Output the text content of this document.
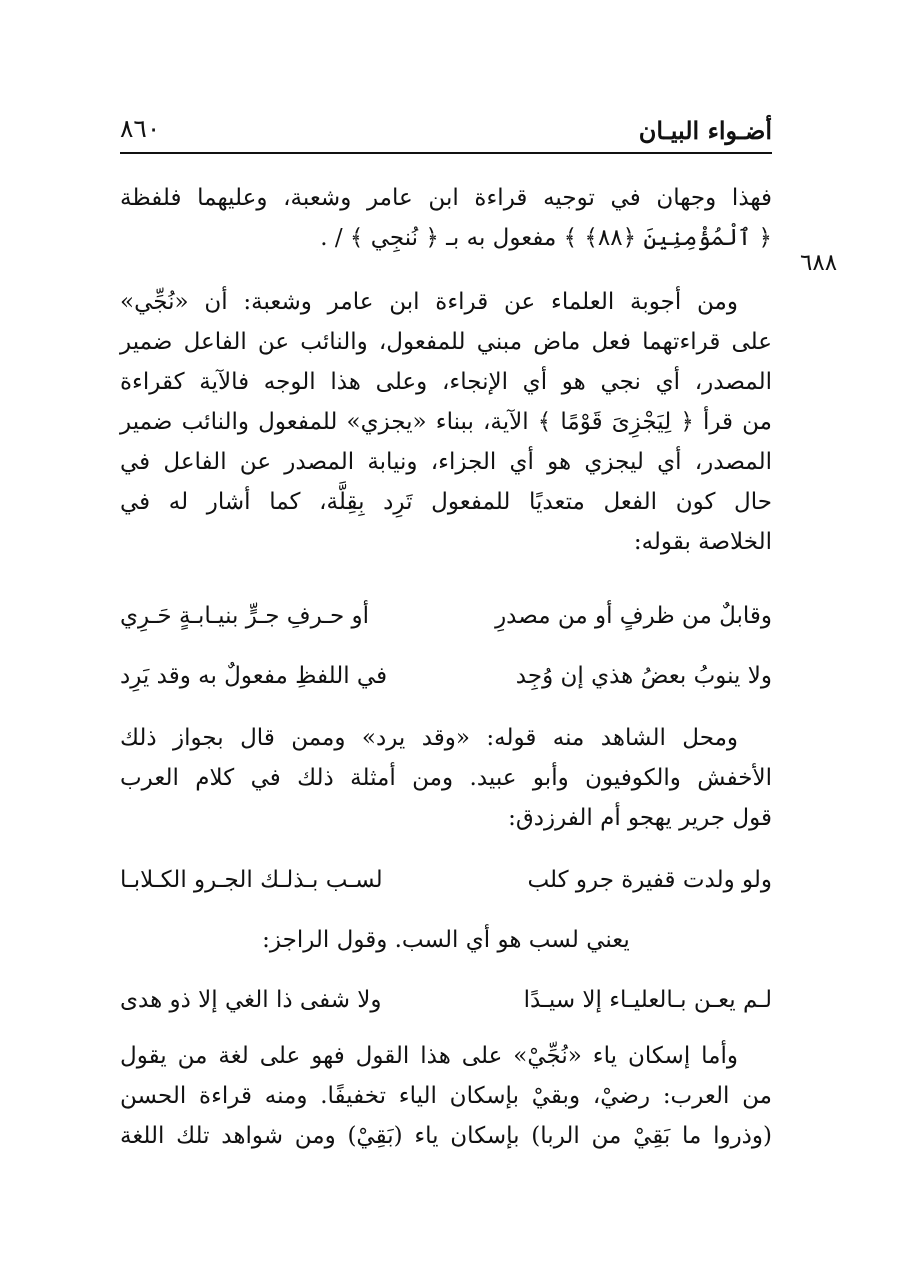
أضـواء البيـان
٨٦٠
٦٨٨
فهذا وجهان في توجيه قراءة ابن عامر وشعبة، وعليهما فلفظة
﴿ ٱلْمُؤْمِنِينَ ﴿٨٨﴾ ﴾ مفعول به بـ ﴿ نُنجِي ﴾ / .
ومن أجوبة العلماء عن قراءة ابن عامر وشعبة: أن «نُجِّي»
على قراءتهما فعل ماض مبني للمفعول، والنائب عن الفاعل ضمير
المصدر، أي نجي هو أي الإنجاء، وعلى هذا الوجه فالآية كقراءة
من قرأ ﴿ لِيَجْزِىَ قَوْمًا ﴾ الآية، ببناء «يجزي» للمفعول والنائب ضمير
المصدر، أي ليجزي هو أي الجزاء، ونيابة المصدر عن الفاعل في
حال كون الفعل متعديًا للمفعول تَرِد بِقِلَّة، كما أشار له في
الخلاصة بقوله:
وقابلٌ من ظرفٍ أو من مصدرِ
أو حـرفِ جـرٍّ بنيـابـةٍ حَـرِي
ولا ينوبُ بعضُ هذي إن وُجِد
في اللفظِ مفعولٌ به وقد يَرِد
ومحل الشاهد منه قوله: «وقد يرد» وممن قال بجواز ذلك
الأخفش والكوفيون وأبو عبيد. ومن أمثلة ذلك في كلام العرب
قول جرير يهجو أم الفرزدق:
ولو ولدت قفيرة جرو كلب
لسـب بـذلـك الجـرو الكـلابـا
يعني لسب هو أي السب. وقول الراجز:
لـم يعـن بـالعليـاء إلا سيـدًا
ولا شفى ذا الغي إلا ذو هدى
وأما إسكان ياء «نُجِّيْ» على هذا القول فهو على لغة من يقول
من العرب: رضيْ، وبقيْ بإسكان الياء تخفيفًا. ومنه قراءة الحسن
(وذروا ما بَقِيْ من الربا) بإسكان ياء (بَقِيْ) ومن شواهد تلك اللغة
